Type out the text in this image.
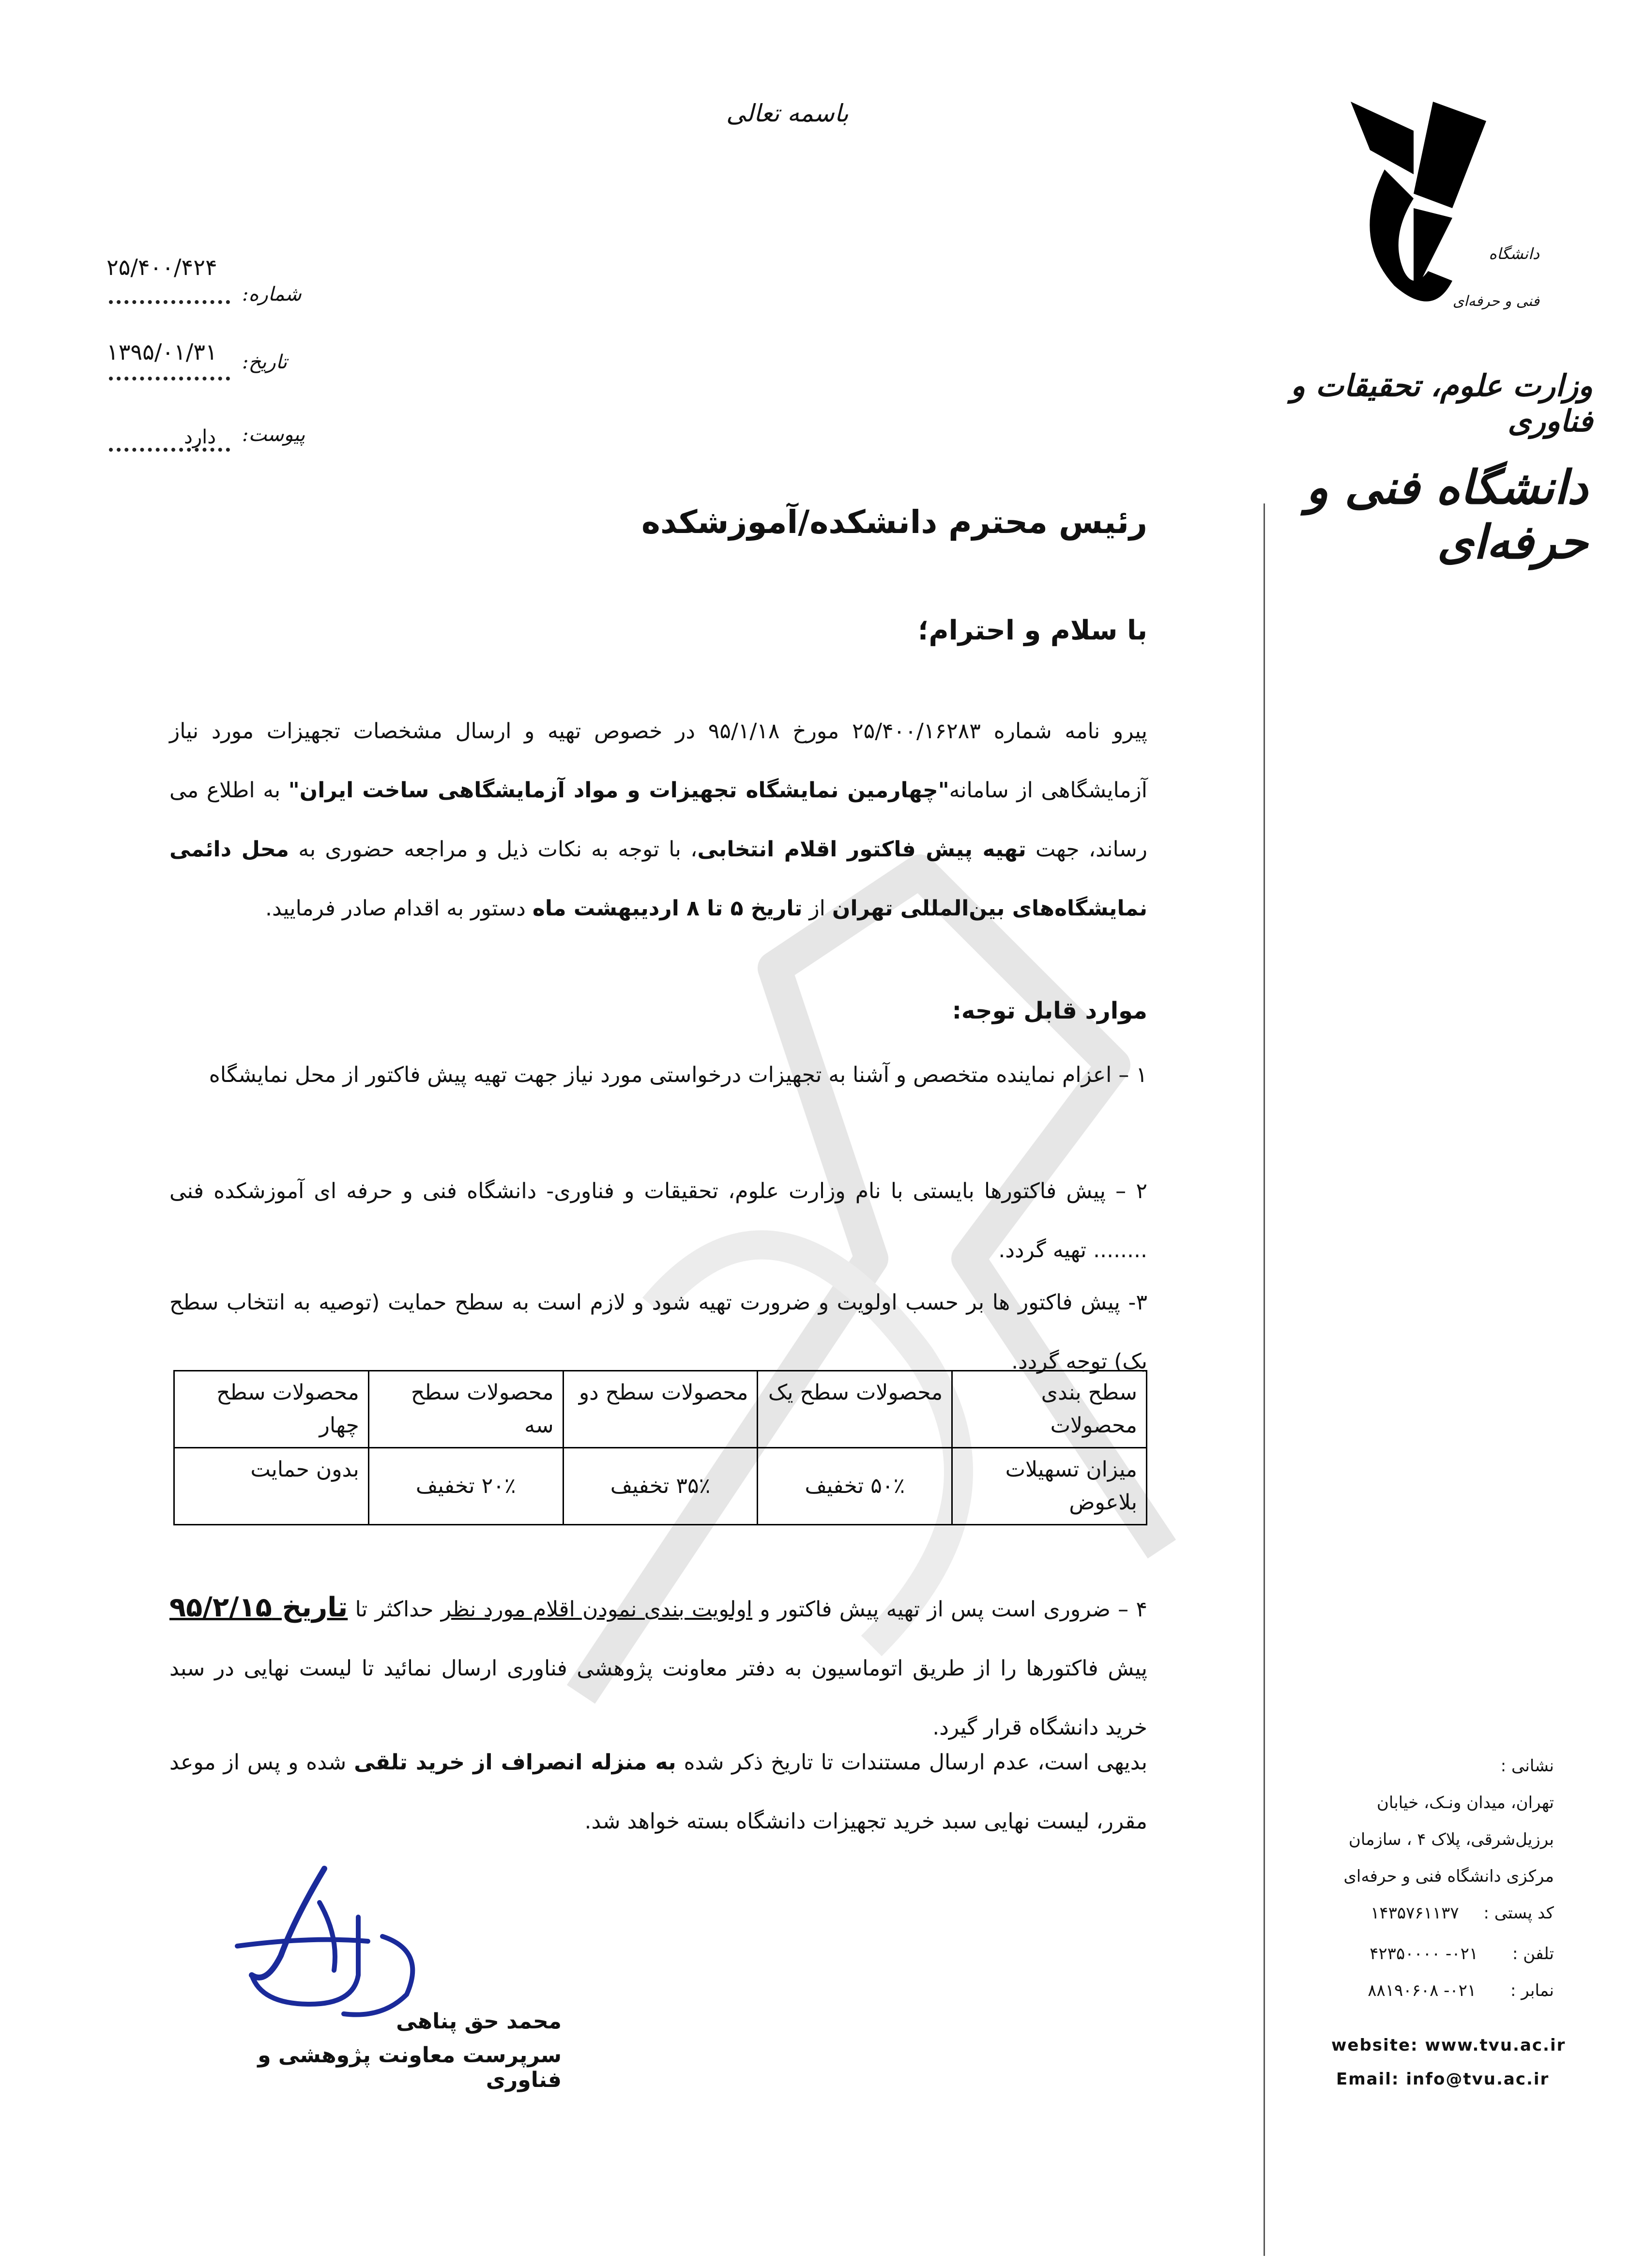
باسمه تعالی
۲۵/۴۰۰/۴۲۴
شماره:
۱۳۹۵/۰۱/۳۱ تاریخ:
دارد پیوست:
دانشگاه
فنی و حرفه‌ای
وزارت علوم، تحقیقات و فناوری
دانشگاه فنی و حرفه‌ای
رئیس محترم دانشکده/آموزشکده
با سلام و احترام؛
پیرو نامه شماره ۲۵/۴۰۰/۱۶۲۸۳ مورخ ۹۵/۱/۱۸ در خصوص تهیه و ارسال مشخصات تجهیزات مورد نیاز آزمایشگاهی از سامانه"چهارمین نمایشگاه تجهیزات و مواد آزمایشگاهی ساخت ایران" به اطلاع می رساند، جهت تهیه پیش فاکتور اقلام انتخابی، با توجه به نکات ذیل و مراجعه حضوری به محل دائمی نمایشگاه‌های بین‌المللی تهران از تاریخ ۵ تا ۸ اردیبهشت ماه دستور به اقدام صادر فرمایید.
موارد قابل توجه:
۱ – اعزام نماینده متخصص و آشنا به تجهیزات درخواستی مورد نیاز جهت تهیه پیش فاکتور از محل نمایشگاه
۲ – پیش فاکتورها بایستی با نام وزارت علوم، تحقیقات و فناوری- دانشگاه فنی و حرفه ای آموزشکده فنی ........ تهیه گردد.
۳- پیش فاکتور ها بر حسب اولویت و ضرورت تهیه شود و لازم است به سطح حمایت (توصیه به انتخاب سطح یک) توجه گردد.
سطح بندی محصولات	محصولات سطح یک	محصولات سطح دو	محصولات سطح سه	محصولات سطح چهار
میزان تسهیلات بلاعوض	۵۰٪ تخفیف	۳۵٪ تخفیف	۲۰٪ تخفیف	بدون حمایت
۴ – ضروری است پس از تهیه پیش فاکتور و اولویت بندی نمودن اقلام مورد نظر حداکثر تا تاریخ ۹۵/۲/۱۵ پیش فاکتورها را از طریق اتوماسیون به دفتر معاونت پژوهشی فناوری ارسال نمائید تا لیست نهایی در سبد خرید دانشگاه قرار گیرد.
بدیهی است، عدم ارسال مستندات تا تاریخ ذکر شده به منزله انصراف از خرید تلقی شده و پس از موعد مقرر، لیست نهایی سبد خرید تجهیزات دانشگاه بسته خواهد شد.
محمد حق پناهی
سرپرست معاونت پژوهشی و فناوری
نشانی :
تهران، میدان ونـک، خیابان
برزیل‌شرقی، پلاک ۴ ، سازمان
مرکزی دانشگاه فنی و حرفه‌ای
کد پستی : ۱۴۳۵۷۶۱۱۳۷
تلفن : ۰۲۱- ۴۲۳۵۰۰۰۰
نمابر : ۰۲۱- ۸۸۱۹۰۶۰۸
website: www.tvu.ac.ir
Email: info@tvu.ac.ir
